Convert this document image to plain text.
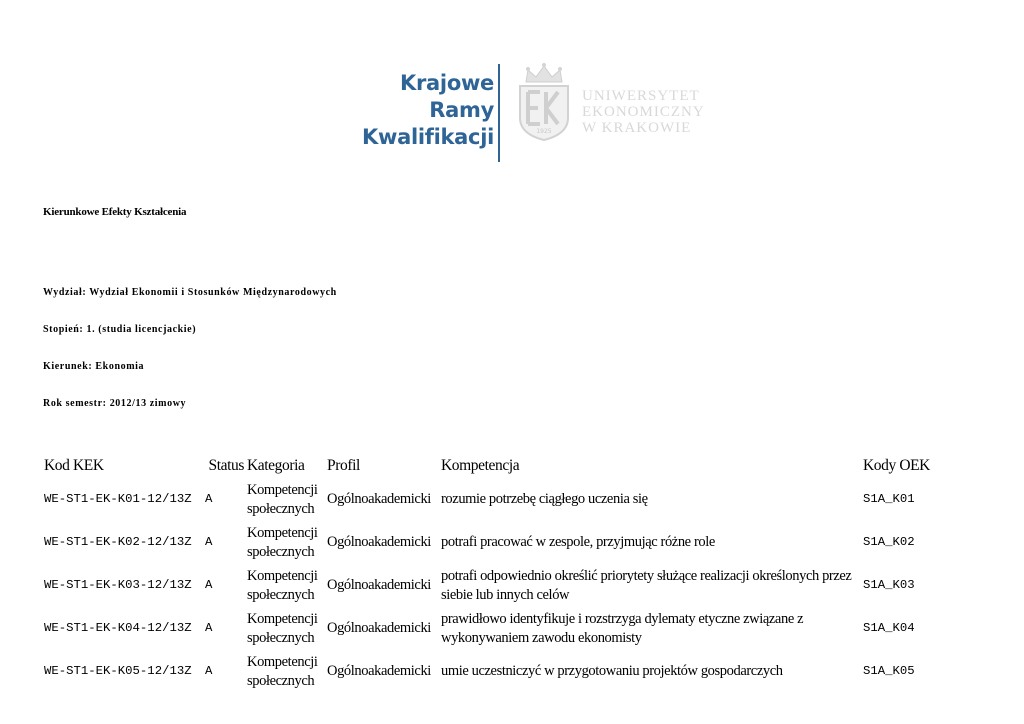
Krajowe
Ramy
Kwalifikacji	1925
UNIWERSYTET
EKONOMICZNY
W KRAKOWIE
Kierunkowe Efekty Kształcenia
Wydział: Wydział Ekonomii i Stosunków Międzynarodowych
Stopień: 1. (studia licencjackie)
Kierunek: Ekonomia
Rok semestr: 2012/13 zimowy
Kod KEK	Status	Kategoria	Profil	Kompetencja	Kody OEK
WE-ST1-EK-K01-12/13Z	A	Kompetencji społecznych	Ogólnoakademicki	rozumie potrzebę ciągłego uczenia się	S1A_K01
WE-ST1-EK-K02-12/13Z	A	Kompetencji społecznych	Ogólnoakademicki	potrafi pracować w zespole, przyjmując różne role	S1A_K02
WE-ST1-EK-K03-12/13Z	A	Kompetencji społecznych	Ogólnoakademicki	potrafi odpowiednio określić priorytety służące realizacji określonych przez siebie lub innych celów	S1A_K03
WE-ST1-EK-K04-12/13Z	A	Kompetencji społecznych	Ogólnoakademicki	prawidłowo identyfikuje i rozstrzyga dylematy etyczne związane z wykonywaniem zawodu ekonomisty	S1A_K04
WE-ST1-EK-K05-12/13Z	A	Kompetencji społecznych	Ogólnoakademicki	umie uczestniczyć w przygotowaniu projektów gospodarczych	S1A_K05
